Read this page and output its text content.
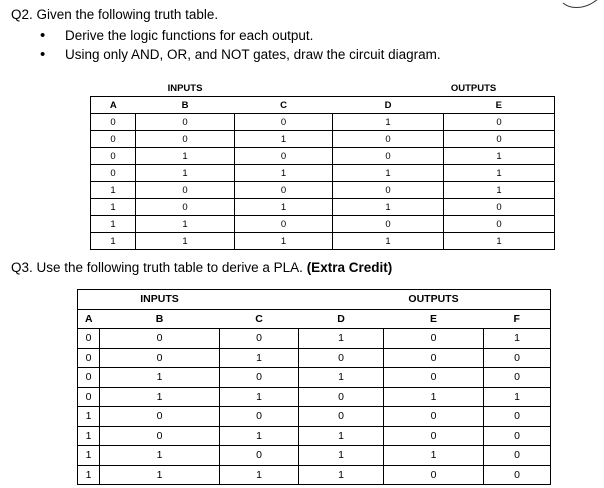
Q2. Given the following truth table.
• Derive the logic functions for each output.
• Using only AND, OR, and NOT gates, draw the circuit diagram.
	INPUTS		OUTPUTS	
A	B	C	D	E
0	0	0	1	0
0	0	1	0	0
0	1	0	0	1
0	1	1	1	1
1	0	0	0	1
1	0	1	1	0
1	1	0	0	0
1	1	1	1	1
Q3. Use the following truth table to derive a PLA. (Extra Credit)
	INPUTS			OUTPUTS	
A	B	C	D	E	F
0	0	0	1	0	1
0	0	1	0	0	0
0	1	0	1	0	0
0	1	1	0	1	1
1	0	0	0	0	0
1	0	1	1	0	0
1	1	0	1	1	0
1	1	1	1	0	0
